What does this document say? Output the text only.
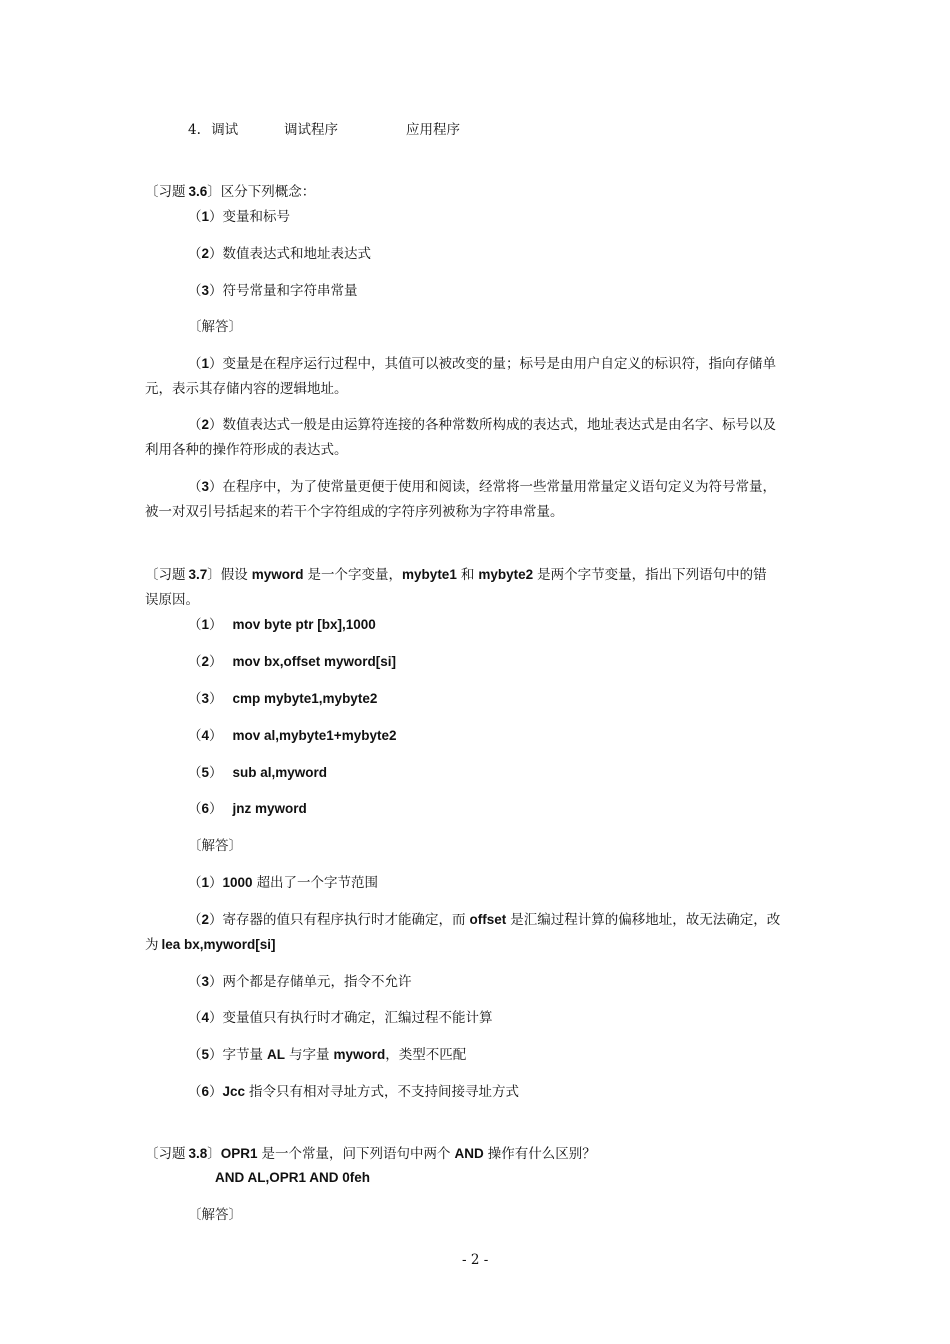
4. 调试	调试程序	应用程序
〔习题 3.6〕区分下列概念：
（1）变量和标号
（2）数值表达式和地址表达式
（3）符号常量和字符串常量
〔解答〕
（1）变量是在程序运行过程中，其值可以被改变的量；标号是由用户自定义的标识符，指向存储单
元，表示其存储内容的逻辑地址。
（2）数值表达式一般是由运算符连接的各种常数所构成的表达式，地址表达式是由名字、标号以及
利用各种的操作符形成的表达式。
（3）在程序中，为了使常量更便于使用和阅读，经常将一些常量用常量定义语句定义为符号常量，
被一对双引号括起来的若干个字符组成的字符序列被称为字符串常量。
〔习题 3.7〕假设 myword 是一个字变量，mybyte1 和 mybyte2 是两个字节变量，指出下列语句中的错
误原因。
（1） mov byte ptr [bx],1000
（2） mov bx,offset myword[si]
（3） cmp mybyte1,mybyte2
（4） mov al,mybyte1+mybyte2
（5） sub al,myword
（6） jnz myword
〔解答〕
（1）1000 超出了一个字节范围
（2）寄存器的值只有程序执行时才能确定，而 offset 是汇编过程计算的偏移地址，故无法确定，改
为 lea bx,myword[si]
（3）两个都是存储单元，指令不允许
（4）变量值只有执行时才确定，汇编过程不能计算
（5）字节量 AL 与字量 myword，类型不匹配
（6）Jcc 指令只有相对寻址方式，不支持间接寻址方式
〔习题 3.8〕OPR1 是一个常量，问下列语句中两个 AND 操作有什么区别？
AND AL,OPR1 AND 0feh
〔解答〕
- 2 -
